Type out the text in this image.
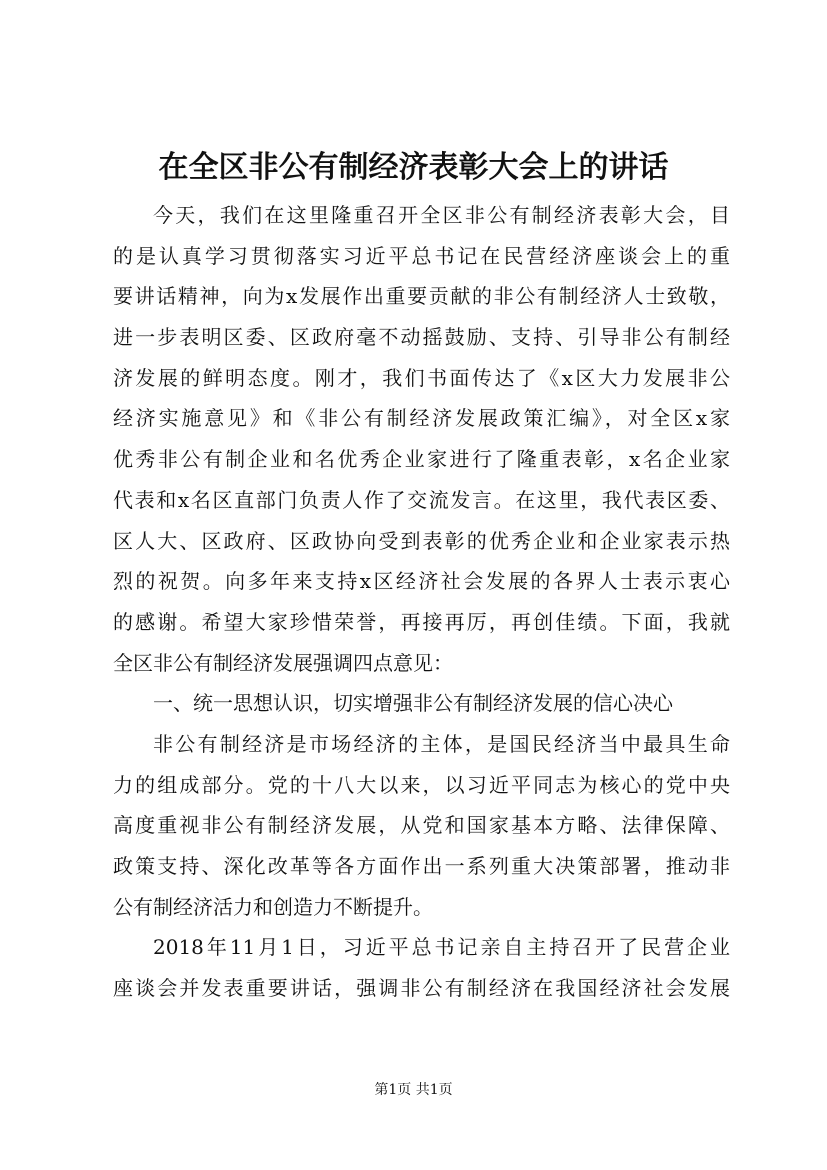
在全区非公有制经济表彰大会上的讲话
今天，我们在这里隆重召开全区非公有制经济表彰大会，目
的是认真学习贯彻落实习近平总书记在民营经济座谈会上的重
要讲话精神，向为x发展作出重要贡献的非公有制经济人士致敬，
进一步表明区委、区政府毫不动摇鼓励、支持、引导非公有制经
济发展的鲜明态度。刚才，我们书面传达了《x区大力发展非公
经济实施意见》和《非公有制经济发展政策汇编》，对全区x家
优秀非公有制企业和名优秀企业家进行了隆重表彰，x名企业家
代表和x名区直部门负责人作了交流发言。在这里，我代表区委、
区人大、区政府、区政协向受到表彰的优秀企业和企业家表示热
烈的祝贺。向多年来支持x区经济社会发展的各界人士表示衷心
的感谢。希望大家珍惜荣誉，再接再厉，再创佳绩。下面，我就
全区非公有制经济发展强调四点意见：
一、统一思想认识，切实增强非公有制经济发展的信心决心
非公有制经济是市场经济的主体，是国民经济当中最具生命
力的组成部分。党的十八大以来，以习近平同志为核心的党中央
高度重视非公有制经济发展，从党和国家基本方略、法律保障、
政策支持、深化改革等各方面作出一系列重大决策部署，推动非
公有制经济活力和创造力不断提升。
2018年11月1日，习近平总书记亲自主持召开了民营企业
座谈会并发表重要讲话，强调非公有制经济在我国经济社会发展
第1页 共1页
